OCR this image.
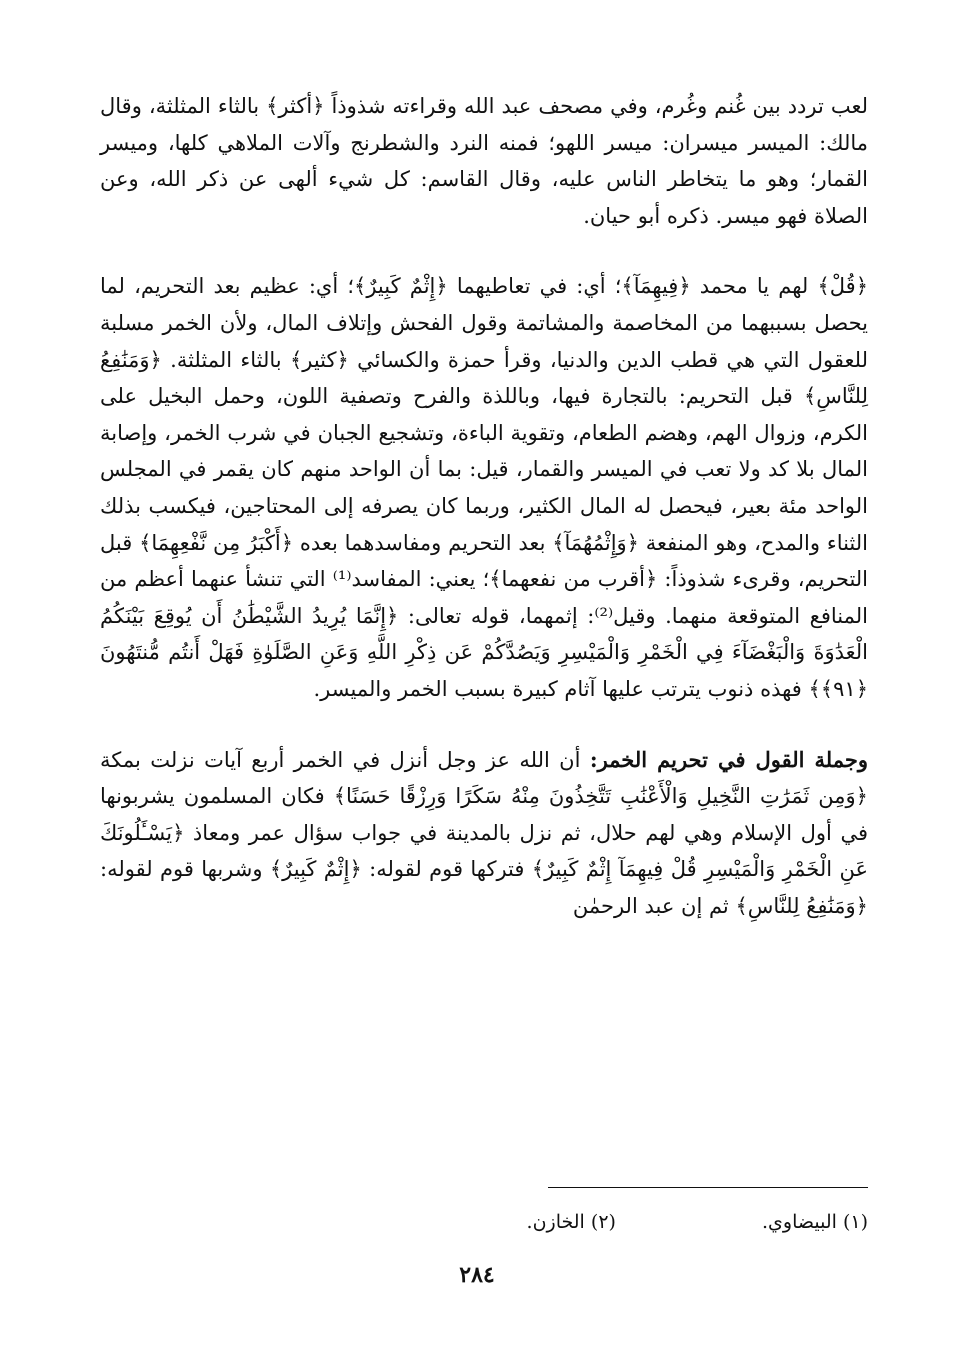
لعب تردد بين غُنم وغُرم، وفي مصحف عبد الله وقراءته شذوذاً ﴿أكثر﴾ بالثاء المثلثة، وقال مالك: الميسر ميسران: ميسر اللهو؛ فمنه النرد والشطرنج وآلات الملاهي كلها، وميسر القمار؛ وهو ما يتخاطر الناس عليه، وقال القاسم: كل شيء ألهى عن ذكر الله، وعن الصلاة فهو ميسر. ذكره أبو حيان.

﴿قُلْ﴾ لهم يا محمد ﴿فِيهِمَآ﴾؛ أي: في تعاطيهما ﴿إِثْمٌ كَبِيرٌ﴾؛ أي: عظيم بعد التحريم، لما يحصل بسببهما من المخاصمة والمشاتمة وقول الفحش وإتلاف المال، ولأن الخمر مسلبة للعقول التي هي قطب الدين والدنيا، وقرأ حمزة والكسائي ﴿كثير﴾ بالثاء المثلثة. ﴿وَمَنَٰفِعُ لِلنَّاسِ﴾ قبل التحريم: بالتجارة فيها، وباللذة والفرح وتصفية اللون، وحمل البخيل على الكرم، وزوال الهم، وهضم الطعام، وتقوية الباءة، وتشجيع الجبان في شرب الخمر، وإصابة المال بلا كد ولا تعب في الميسر والقمار، قيل: بما أن الواحد منهم كان يقمر في المجلس الواحد مئة بعير، فيحصل له المال الكثير، وربما كان يصرفه إلى المحتاجين، فيكسب بذلك الثناء والمدح، وهو المنفعة ﴿وَإِثْمُهُمَآ﴾ بعد التحريم ومفاسدهما بعده ﴿أَكْبَرُ مِن نَّفْعِهِمَا﴾ قبل التحريم، وقرىء شذوذاً: ﴿أقرب من نفعهما﴾؛ يعني: المفاسد⁽¹⁾ التي تنشأ عنهما أعظم من المنافع المتوقعة منهما. وقيل⁽²⁾: إثمهما، قوله تعالى: ﴿إِنَّمَا يُرِيدُ الشَّيْطَٰنُ أَن يُوقِعَ بَيْنَكُمُ الْعَدَٰوَةَ وَالْبَغْضَآءَ فِي الْخَمْرِ وَالْمَيْسِرِ وَيَصُدَّكُمْ عَن ذِكْرِ اللَّهِ وَعَنِ الصَّلَوٰةِ فَهَلْ أَنتُم مُّنتَهُونَ ﴿٩١﴾﴾ فهذه ذنوب يترتب عليها آثام كبيرة بسبب الخمر والميسر.

وجملة القول في تحريم الخمر: أن الله عز وجل أنزل في الخمر أربع آيات نزلت بمكة ﴿وَمِن ثَمَرَٰتِ النَّخِيلِ وَالْأَعْنَٰبِ تَتَّخِذُونَ مِنْهُ سَكَرًا وَرِزْقًا حَسَنًا﴾ فكان المسلمون يشربونها في أول الإسلام وهي لهم حلال، ثم نزل بالمدينة في جواب سؤال عمر ومعاذ ﴿يَسْـَٔلُونَكَ عَنِ الْخَمْرِ وَالْمَيْسِرِ قُلْ فِيهِمَآ إِثْمٌ كَبِيرٌ﴾ فتركها قوم لقوله: ﴿إِثْمٌ كَبِيرٌ﴾ وشربها قوم لقوله: ﴿وَمَنَٰفِعُ لِلنَّاسِ﴾ ثم إن عبد الرحمٰن

(١) البيضاوي. (٢) الخازن.
٢٨٤
